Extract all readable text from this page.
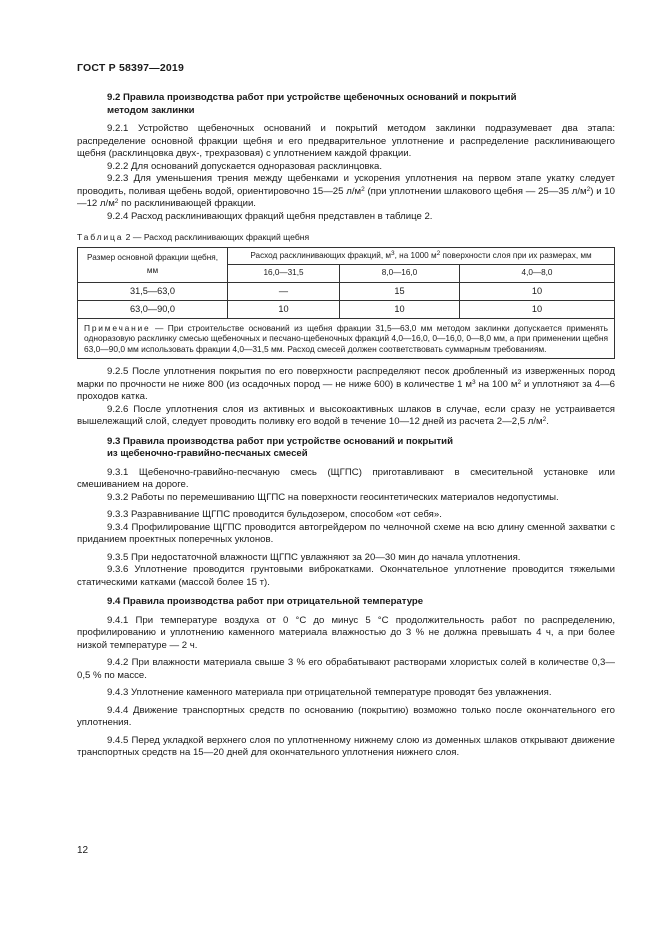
ГОСТ Р 58397—2019
9.2 Правила производства работ при устройстве щебеночных оснований и покрытий
методом заклинки

9.2.1 Устройство щебеночных оснований и покрытий методом заклинки подразумевает два этапа: распределение основной фракции щебня и его предварительное уплотнение и распределение расклинивающего щебня (расклинцовка двух-, трехразовая) с уплотнением каждой фракции.

9.2.2 Для оснований допускается одноразовая расклинцовка.

9.2.3 Для уменьшения трения между щебенками и ускорения уплотнения на первом этапе укатку следует проводить, поливая щебень водой, ориентировочно 15—25 $л/м^2$ (при уплотнении шлакового щебня — 25—35 $л/м^2$) и 10—12 $л/м^2$ по расклинивающей фракции.

9.2.4 Расход расклинивающих фракций щебня представлен в таблице 2.

Таблица 2 — Расход расклинивающих фракций щебня
Размер основной фракции щебня, мм	Расход расклинивающих фракций, $м^3$, на 1000 $м^2$ поверхности слоя при их размерах, мм		
	16,0—31,5	8,0—16,0	4,0—8,0
31,5—63,0	—	15	10
63,0—90,0	10	10	10
Примечание — При строительстве оснований из щебня фракции 31,5—63,0 мм методом заклинки допускается применять одноразовую расклинку смесью щебеночных и песчано-щебеночных фракций 4,0—16,0, 0—16,0, 0—8,0 мм, а при применении щебня 63,0—90,0 мм использовать фракции 4,0—31,5 мм. Расход смесей должен соответствовать суммарным требованиям.			

9.2.5 После уплотнения покрытия по его поверхности распределяют песок дробленный из изверженных пород марки по прочности не ниже 800 (из осадочных пород — не ниже 600) в количестве 1 $м^3$ на 100 $м^2$ и уплотняют за 4—6 проходов катка.

9.2.6 После уплотнения слоя из активных и высокоактивных шлаков в случае, если сразу не устраивается вышележащий слой, следует проводить поливку его водой в течение 10—12 дней из расчета 2—2,5 $л/м^2$.

9.3 Правила производства работ при устройстве оснований и покрытий
из щебеночно-гравийно-песчаных смесей

9.3.1 Щебеночно-гравийно-песчаную смесь (ЩГПС) приготавливают в смесительной установке или смешиванием на дороге.

9.3.2 Работы по перемешиванию ЩГПС на поверхности геосинтетических материалов недопустимы.

9.3.3 Разравнивание ЩГПС проводится бульдозером, способом «от себя».

9.3.4 Профилирование ЩГПС проводится автогрейдером по челночной схеме на всю длину сменной захватки с приданием проектных поперечных уклонов.

9.3.5 При недостаточной влажности ЩГПС увлажняют за 20—30 мин до начала уплотнения.

9.3.6 Уплотнение проводится грунтовыми виброкатками. Окончательное уплотнение проводится тяжелыми статическими катками (массой более 15 т).

9.4 Правила производства работ при отрицательной температуре

9.4.1 При температуре воздуха от 0 °С до минус 5 °С продолжительность работ по распределению, профилированию и уплотнению каменного материала влажностью до 3 % не должна превышать 4 ч, а при более низкой температуре — 2 ч.

9.4.2 При влажности материала свыше 3 % его обрабатывают растворами хлористых солей в количестве 0,3—0,5 % по массе.

9.4.3 Уплотнение каменного материала при отрицательной температуре проводят без увлажнения.

9.4.4 Движение транспортных средств по основанию (покрытию) возможно только после окончательного его уплотнения.

9.4.5 Перед укладкой верхнего слоя по уплотненному нижнему слою из доменных шлаков открывают движение транспортных средств на 15—20 дней для окончательного уплотнения нижнего слоя.

12
